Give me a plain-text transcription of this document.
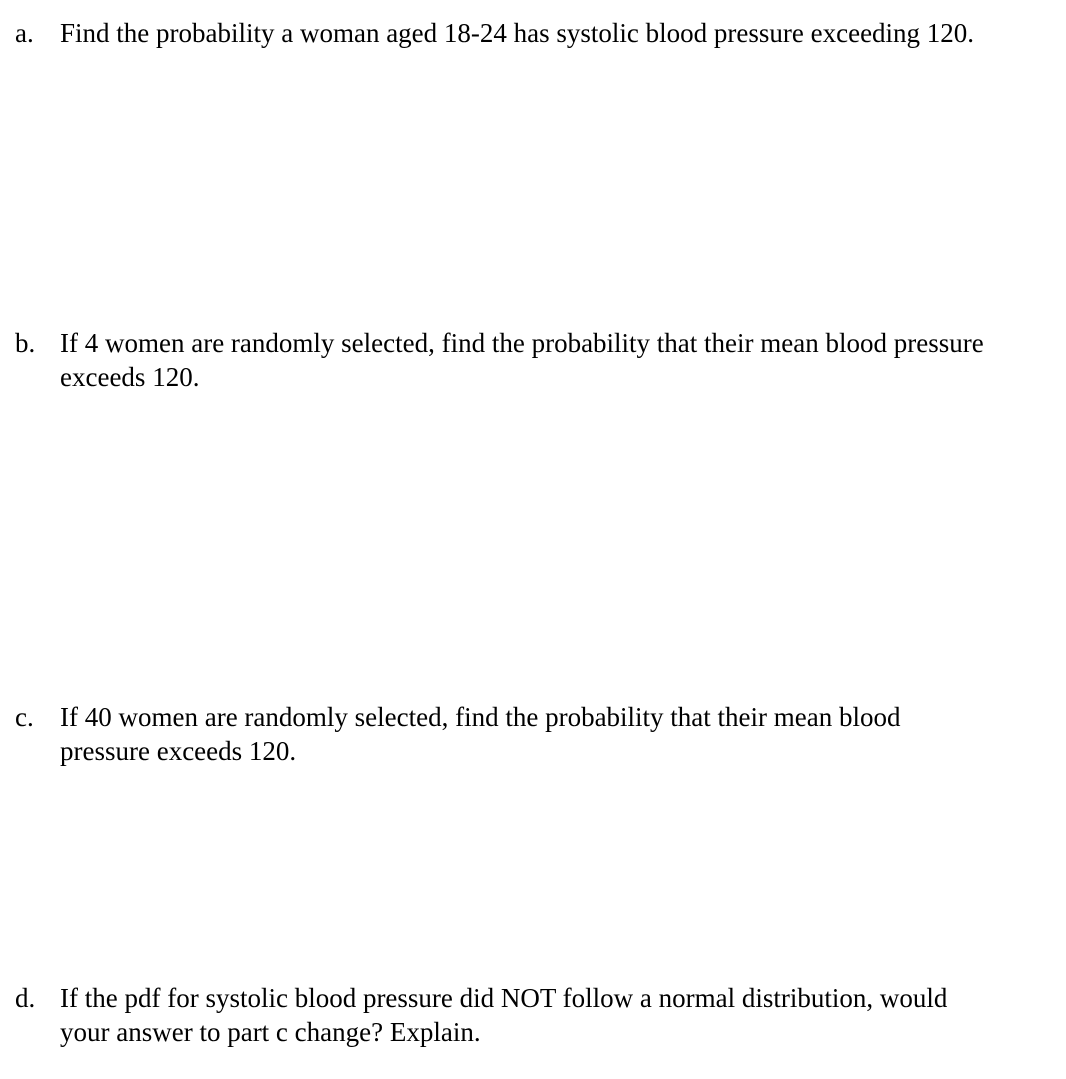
a. Find the probability a woman aged 18-24 has systolic blood pressure exceeding 120.
b. If 4 women are randomly selected, find the probability that their mean blood pressure
exceeds 120.
c. If 40 women are randomly selected, find the probability that their mean blood
pressure exceeds 120.
d. If the pdf for systolic blood pressure did NOT follow a normal distribution, would
your answer to part c change? Explain.
